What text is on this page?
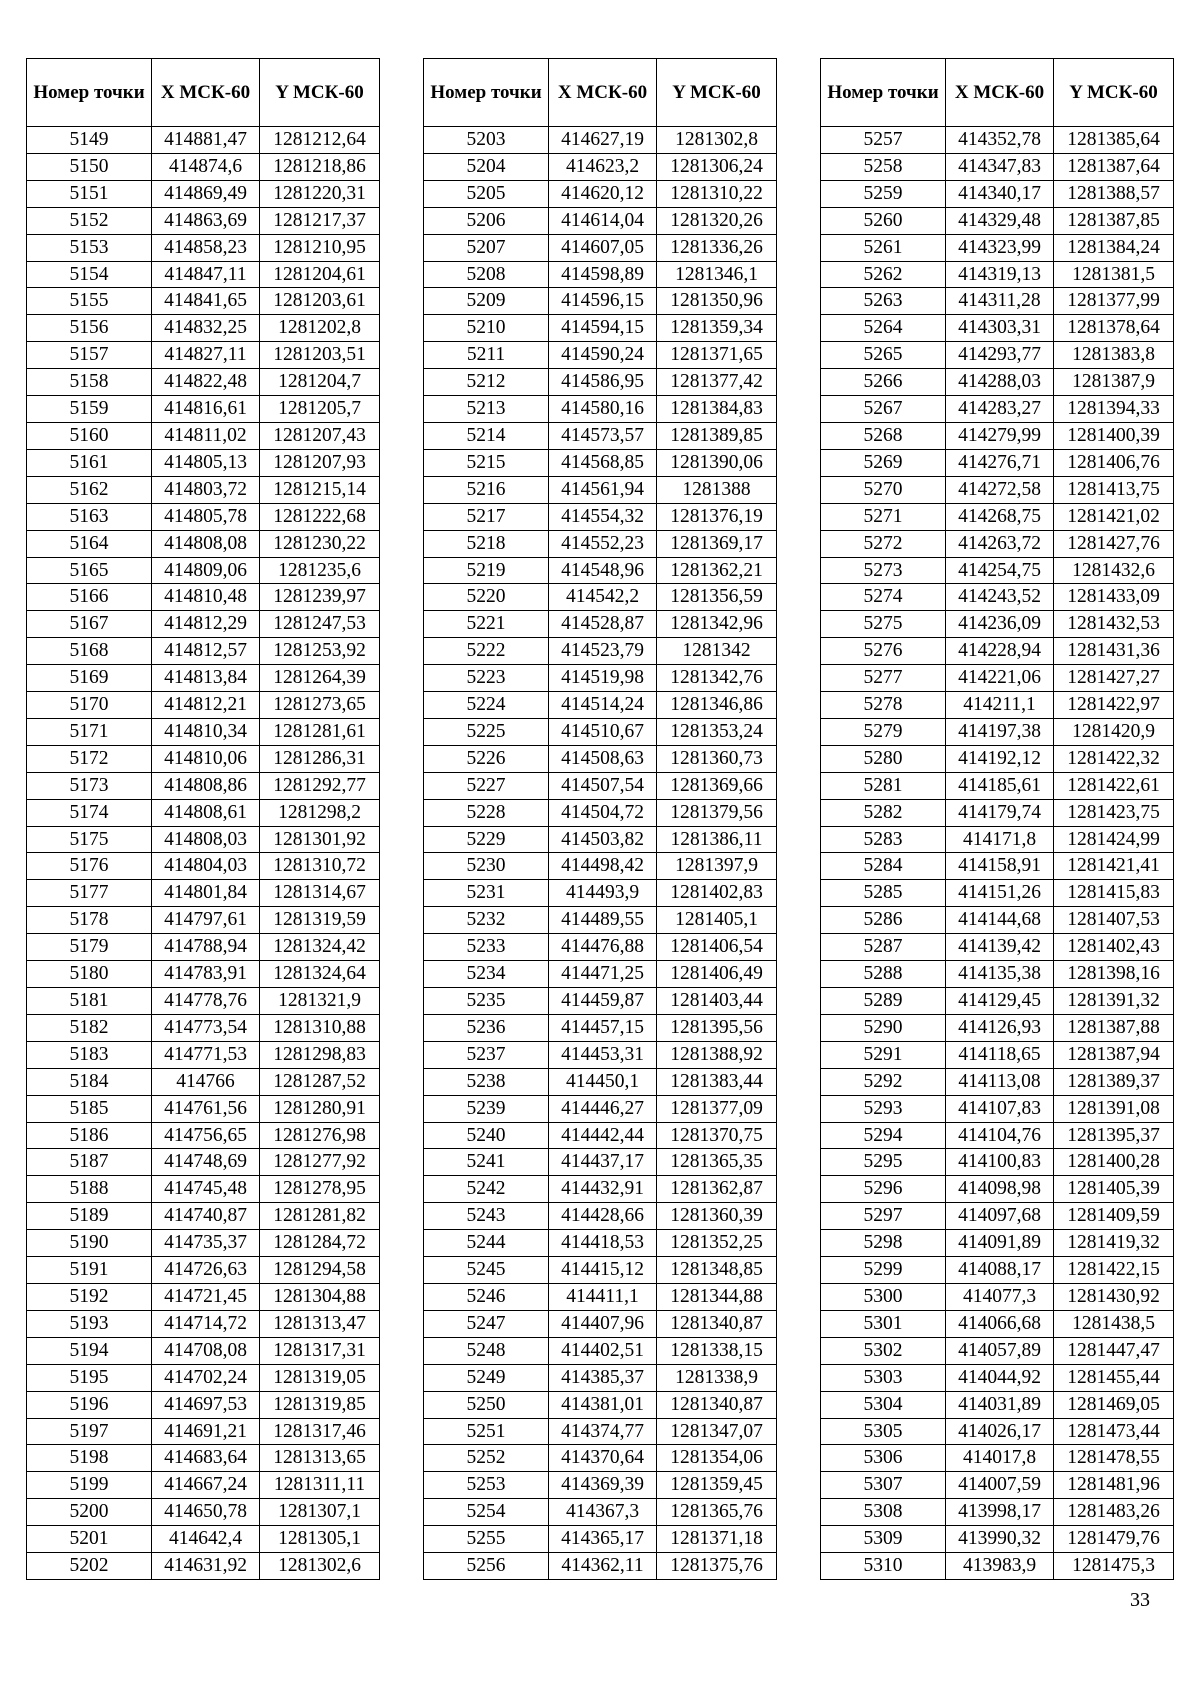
Номер точки	X МСК-60	Y МСК-60
5149	414881,47	1281212,64
5150	414874,6	1281218,86
5151	414869,49	1281220,31
5152	414863,69	1281217,37
5153	414858,23	1281210,95
5154	414847,11	1281204,61
5155	414841,65	1281203,61
5156	414832,25	1281202,8
5157	414827,11	1281203,51
5158	414822,48	1281204,7
5159	414816,61	1281205,7
5160	414811,02	1281207,43
5161	414805,13	1281207,93
5162	414803,72	1281215,14
5163	414805,78	1281222,68
5164	414808,08	1281230,22
5165	414809,06	1281235,6
5166	414810,48	1281239,97
5167	414812,29	1281247,53
5168	414812,57	1281253,92
5169	414813,84	1281264,39
5170	414812,21	1281273,65
5171	414810,34	1281281,61
5172	414810,06	1281286,31
5173	414808,86	1281292,77
5174	414808,61	1281298,2
5175	414808,03	1281301,92
5176	414804,03	1281310,72
5177	414801,84	1281314,67
5178	414797,61	1281319,59
5179	414788,94	1281324,42
5180	414783,91	1281324,64
5181	414778,76	1281321,9
5182	414773,54	1281310,88
5183	414771,53	1281298,83
5184	414766	1281287,52
5185	414761,56	1281280,91
5186	414756,65	1281276,98
5187	414748,69	1281277,92
5188	414745,48	1281278,95
5189	414740,87	1281281,82
5190	414735,37	1281284,72
5191	414726,63	1281294,58
5192	414721,45	1281304,88
5193	414714,72	1281313,47
5194	414708,08	1281317,31
5195	414702,24	1281319,05
5196	414697,53	1281319,85
5197	414691,21	1281317,46
5198	414683,64	1281313,65
5199	414667,24	1281311,11
5200	414650,78	1281307,1
5201	414642,4	1281305,1
5202	414631,92	1281302,6
Номер точки	X МСК-60	Y МСК-60
5203	414627,19	1281302,8
5204	414623,2	1281306,24
5205	414620,12	1281310,22
5206	414614,04	1281320,26
5207	414607,05	1281336,26
5208	414598,89	1281346,1
5209	414596,15	1281350,96
5210	414594,15	1281359,34
5211	414590,24	1281371,65
5212	414586,95	1281377,42
5213	414580,16	1281384,83
5214	414573,57	1281389,85
5215	414568,85	1281390,06
5216	414561,94	1281388
5217	414554,32	1281376,19
5218	414552,23	1281369,17
5219	414548,96	1281362,21
5220	414542,2	1281356,59
5221	414528,87	1281342,96
5222	414523,79	1281342
5223	414519,98	1281342,76
5224	414514,24	1281346,86
5225	414510,67	1281353,24
5226	414508,63	1281360,73
5227	414507,54	1281369,66
5228	414504,72	1281379,56
5229	414503,82	1281386,11
5230	414498,42	1281397,9
5231	414493,9	1281402,83
5232	414489,55	1281405,1
5233	414476,88	1281406,54
5234	414471,25	1281406,49
5235	414459,87	1281403,44
5236	414457,15	1281395,56
5237	414453,31	1281388,92
5238	414450,1	1281383,44
5239	414446,27	1281377,09
5240	414442,44	1281370,75
5241	414437,17	1281365,35
5242	414432,91	1281362,87
5243	414428,66	1281360,39
5244	414418,53	1281352,25
5245	414415,12	1281348,85
5246	414411,1	1281344,88
5247	414407,96	1281340,87
5248	414402,51	1281338,15
5249	414385,37	1281338,9
5250	414381,01	1281340,87
5251	414374,77	1281347,07
5252	414370,64	1281354,06
5253	414369,39	1281359,45
5254	414367,3	1281365,76
5255	414365,17	1281371,18
5256	414362,11	1281375,76
Номер точки	X МСК-60	Y МСК-60
5257	414352,78	1281385,64
5258	414347,83	1281387,64
5259	414340,17	1281388,57
5260	414329,48	1281387,85
5261	414323,99	1281384,24
5262	414319,13	1281381,5
5263	414311,28	1281377,99
5264	414303,31	1281378,64
5265	414293,77	1281383,8
5266	414288,03	1281387,9
5267	414283,27	1281394,33
5268	414279,99	1281400,39
5269	414276,71	1281406,76
5270	414272,58	1281413,75
5271	414268,75	1281421,02
5272	414263,72	1281427,76
5273	414254,75	1281432,6
5274	414243,52	1281433,09
5275	414236,09	1281432,53
5276	414228,94	1281431,36
5277	414221,06	1281427,27
5278	414211,1	1281422,97
5279	414197,38	1281420,9
5280	414192,12	1281422,32
5281	414185,61	1281422,61
5282	414179,74	1281423,75
5283	414171,8	1281424,99
5284	414158,91	1281421,41
5285	414151,26	1281415,83
5286	414144,68	1281407,53
5287	414139,42	1281402,43
5288	414135,38	1281398,16
5289	414129,45	1281391,32
5290	414126,93	1281387,88
5291	414118,65	1281387,94
5292	414113,08	1281389,37
5293	414107,83	1281391,08
5294	414104,76	1281395,37
5295	414100,83	1281400,28
5296	414098,98	1281405,39
5297	414097,68	1281409,59
5298	414091,89	1281419,32
5299	414088,17	1281422,15
5300	414077,3	1281430,92
5301	414066,68	1281438,5
5302	414057,89	1281447,47
5303	414044,92	1281455,44
5304	414031,89	1281469,05
5305	414026,17	1281473,44
5306	414017,8	1281478,55
5307	414007,59	1281481,96
5308	413998,17	1281483,26
5309	413990,32	1281479,76
5310	413983,9	1281475,3
33
